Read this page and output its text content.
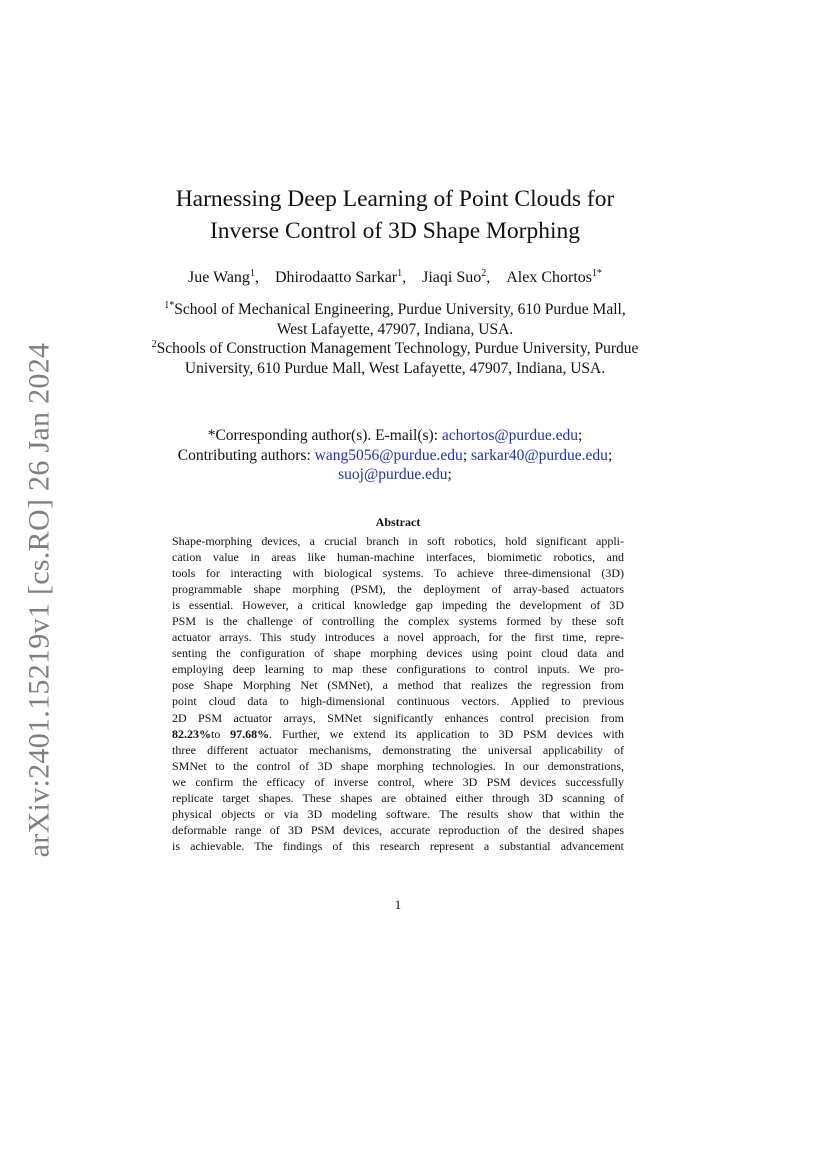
arXiv:2401.15219v1 [cs.RO] 26 Jan 2024
Harnessing Deep Learning of Point Clouds for
Inverse Control of 3D Shape Morphing
Jue Wang$^1$, Dhirodaatto Sarkar$^1$, Jiaqi Suo$^2$, Alex Chortos$^{1*}$
$^{1*}$School of Mechanical Engineering, Purdue University, 610 Purdue Mall, West Lafayette, 47907, Indiana, USA.
$^2$Schools of Construction Management Technology, Purdue University, Purdue University, 610 Purdue Mall, West Lafayette, 47907, Indiana, USA.
*Corresponding author(s). E-mail(s): achortos@purdue.edu;
Contributing authors: wang5056@purdue.edu; sarkar40@purdue.edu;
suoj@purdue.edu;
Abstract
Shape-morphing devices, a crucial branch in soft robotics, hold significant appli-
cation value in areas like human-machine interfaces, biomimetic robotics, and
tools for interacting with biological systems. To achieve three-dimensional (3D)
programmable shape morphing (PSM), the deployment of array-based actuators
is essential. However, a critical knowledge gap impeding the development of 3D
PSM is the challenge of controlling the complex systems formed by these soft
actuator arrays. This study introduces a novel approach, for the first time, repre-
senting the configuration of shape morphing devices using point cloud data and
employing deep learning to map these configurations to control inputs. We pro-
pose Shape Morphing Net (SMNet), a method that realizes the regression from
point cloud data to high-dimensional continuous vectors. Applied to previous
2D PSM actuator arrays, SMNet significantly enhances control precision from
82.23%to 97.68%. Further, we extend its application to 3D PSM devices with
three different actuator mechanisms, demonstrating the universal applicability of
SMNet to the control of 3D shape morphing technologies. In our demonstrations,
we confirm the efficacy of inverse control, where 3D PSM devices successfully
replicate target shapes. These shapes are obtained either through 3D scanning of
physical objects or via 3D modeling software. The results show that within the
deformable range of 3D PSM devices, accurate reproduction of the desired shapes
is achievable. The findings of this research represent a substantial advancement
1
